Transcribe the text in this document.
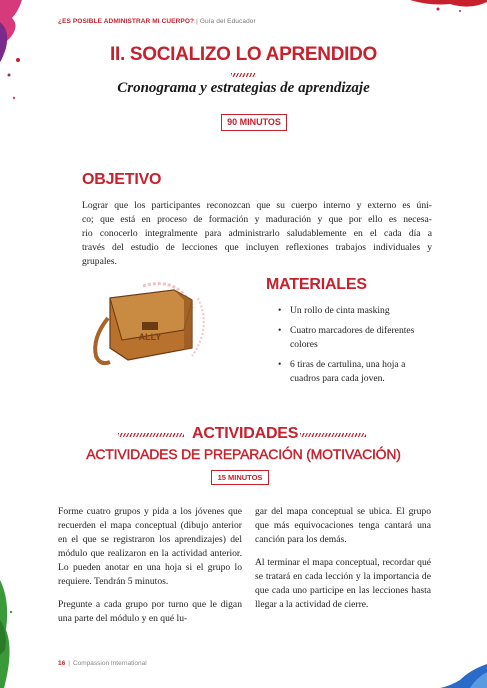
¿ES POSIBLE ADMINISTRAR MI CUERPO? | Guía del Educador
II. SOCIALIZO LO APRENDIDO
Cronograma y estrategias de aprendizaje
90 MINUTOS
OBJETIVO
Lograr que los participantes reconozcan que su cuerpo interno y externo es úni-
co; que está en proceso de formación y maduración y que por ello es necesa-
rio conocerlo integralmente para administrarlo saludablemente en el cada día a
través del estudio de lecciones que incluyen reflexiones trabajos individuales y
grupales.
ALLY
MATERIALES
• Un rollo de cinta masking
• Cuatro marcadores de diferentes colores
• 6 tiras de cartulina, una hoja a cuadros para cada joven.
ACTIVIDADES
ACTIVIDADES DE PREPARACIÓN (MOTIVACIÓN)
15 MINUTOS

Forme cuatro grupos y pida a los jóvenes que recuerden el mapa conceptual (dibujo anterior en el que se registraron los aprendizajes) del módulo que realizaron en la actividad anterior. Lo pueden anotar en una hoja si el grupo lo requiere. Tendrán 5 minutos.

Pregunte a cada grupo por turno que le digan una parte del módulo y en qué lu-

gar del mapa conceptual se ubica. El grupo que más equivocaciones tenga cantará una canción para los demás.

Al terminar el mapa conceptual, recordar qué se tratará en cada lección y la importancia de que cada uno participe en las lecciones hasta llegar a la actividad de cierre.

16 | Compassion International
